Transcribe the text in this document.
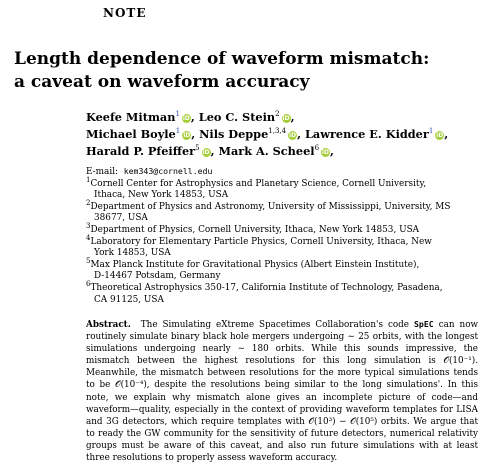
NOTE
Length dependence of waveform mismatch:
a caveat on waveform accuracy
Keefe Mitman$^1$iD, Leo C. Stein$^2$iD,
Michael Boyle$^1$iD, Nils Deppe$^{1,3,4}$iD, Lawrence E. Kidder$^1$iD,
Harald P. Pfeiffer$^5$iD, Mark A. Scheel$^6$iD,
E-mail: kem343@cornell.edu
$^1$Cornell Center for Astrophysics and Planetary Science, Cornell University,
Ithaca, New York 14853, USA
$^2$Department of Physics and Astronomy, University of Mississippi, University, MS
38677, USA
$^3$Department of Physics, Cornell University, Ithaca, New York 14853, USA
$^4$Laboratory for Elementary Particle Physics, Cornell University, Ithaca, New
York 14853, USA
$^5$Max Planck Institute for Gravitational Physics (Albert Einstein Institute),
D-14467 Potsdam, Germany
$^6$Theoretical Astrophysics 350-17, California Institute of Technology, Pasadena,
CA 91125, USA
Abstract. The Simulating eXtreme Spacetimes Collaboration's code SpEC can now routinely simulate binary black hole mergers undergoing ∼ 25 orbits, with the longest simulations undergoing nearly ∼ 180 orbits. While this sounds impressive, the mismatch between the highest resolutions for this long simulation is 𝒪(10⁻¹). Meanwhile, the mismatch between resolutions for the more typical simulations tends to be 𝒪(10⁻⁴), despite the resolutions being similar to the long simulations'. In this note, we explain why mismatch alone gives an incomplete picture of code—and waveform—quality, especially in the context of providing waveform templates for LISA and 3G detectors, which require templates with 𝒪(10³) − 𝒪(10⁵) orbits. We argue that to ready the GW community for the sensitivity of future detectors, numerical relativity groups must be aware of this caveat, and also run future simulations with at least three resolutions to properly assess waveform accuracy.
